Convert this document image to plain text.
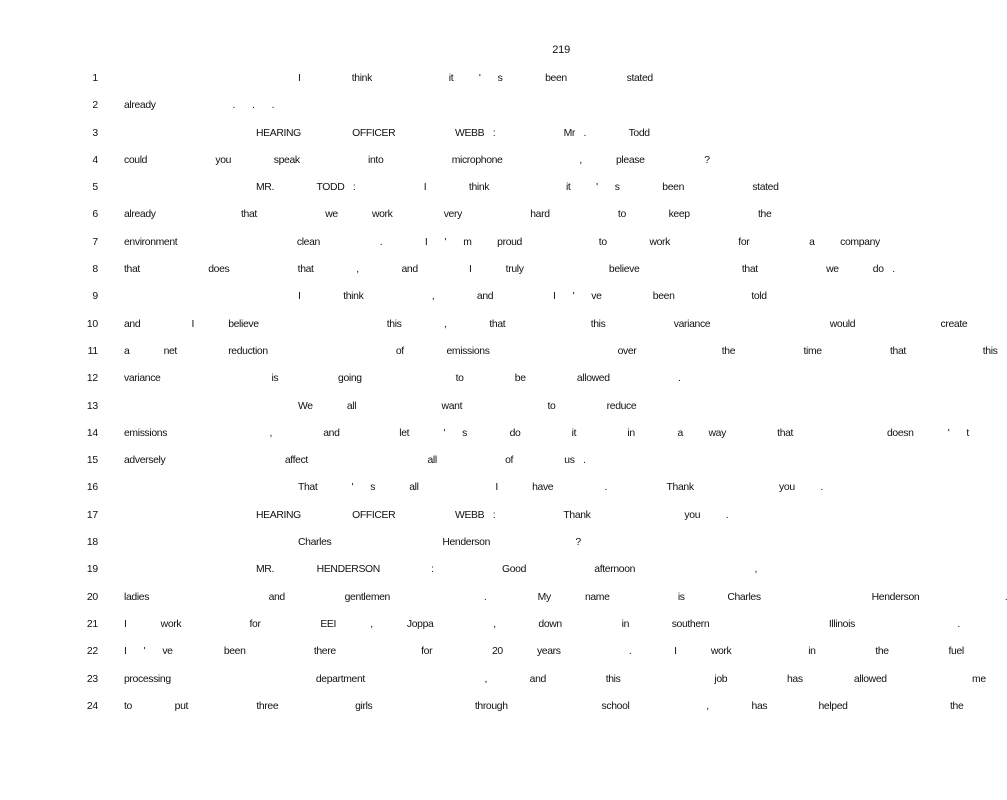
219
1	I      think         it   '  s     been       stated
2	already         .  .  .
3	HEARING      OFFICER       WEBB :        Mr .     Todd
4	could        you     speak        into        microphone         ,    please       ?
5	MR.     TODD :        I     think         it   '  s     been        stated
6	already          that        we    work      very        hard        to     keep        the
7	environment              clean       .     I  '  m   proud         to     work        for       a   company
8	that        does        that     ,     and      I    truly          believe            that        we    do .
9	I     think        ,     and       I  '  ve      been         told
10	and      I    believe               this     ,     that          this        variance              would          create
11	a    net      reduction               of     emissions               over          the        time        that         this
12	variance             is       going           to      be      allowed        .
13	We    all          want          to      reduce
14	emissions            ,      and       let    '  s     do      it      in     a   way      that           doesn    '  t
15	adversely              affect              all        of      us .
16	That    '  s    all         I    have      .       Thank          you   .
17	HEARING      OFFICER       WEBB :        Thank           you   .
18	Charles             Henderson          ?
19	MR.     HENDERSON      :        Good        afternoon              ,
20	ladies              and       gentlemen           .      My    name        is     Charles             Henderson          .
21	I    work        for       EEI    ,    Joppa       ,     down       in     southern              Illinois            .
22	I  '  ve      been        there          for       20    years        .     I    work         in       the       fuel
23	processing                 department              ,     and       this           job       has      allowed          me
24	to     put        three         girls            through           school         ,     has      helped            the
